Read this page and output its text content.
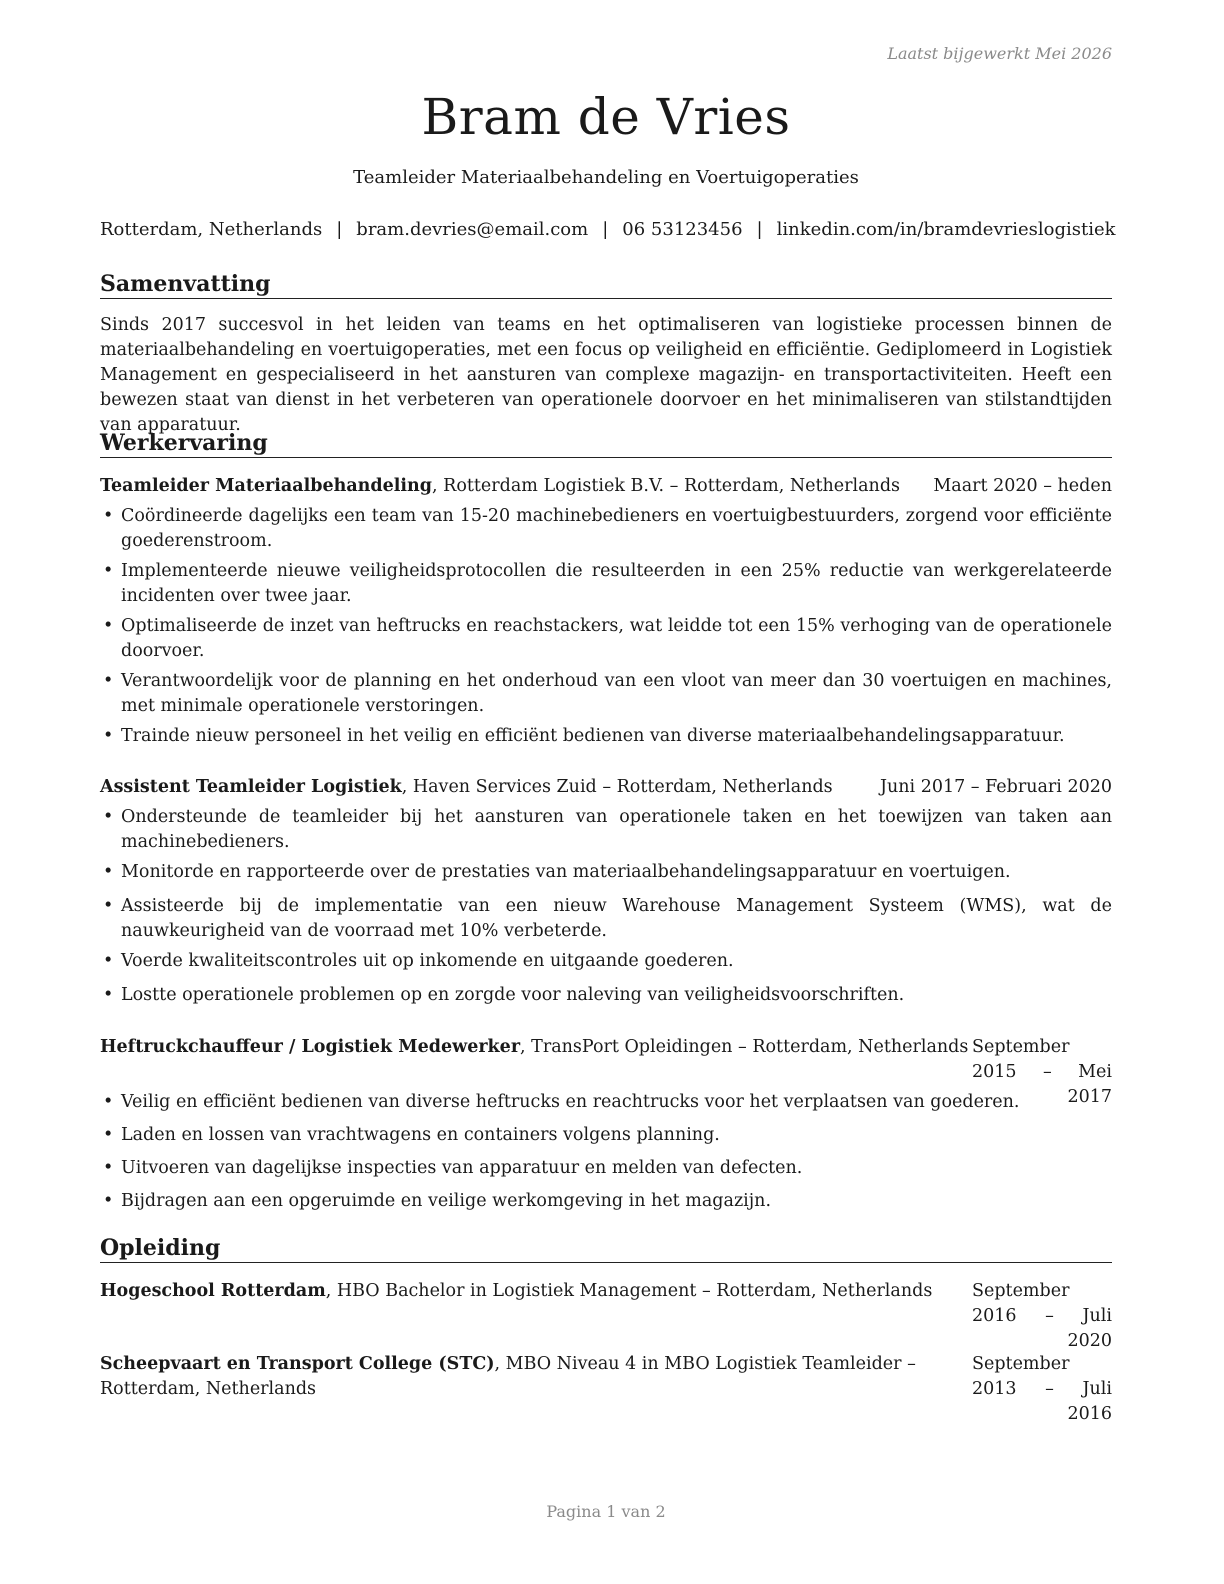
Laatst bijgewerkt Mei 2026
Bram de Vries
Teamleider Materiaalbehandeling en Voertuigoperaties
Rotterdam, Netherlands | bram.devries@email.com | 06 53123456 | linkedin.com/in/bramdevrieslogistiek
Samenvatting
Sinds 2017 succesvol in het leiden van teams en het optimaliseren van logistieke processen binnen de materiaalbehandeling en voertuigoperaties, met een focus op veiligheid en efficiëntie. Gediplomeerd in Logistiek Management en gespecialiseerd in het aansturen van complexe magazijn- en transportactiviteiten. Heeft een bewezen staat van dienst in het verbeteren van operationele doorvoer en het minimaliseren van stilstandtijden van apparatuur.
Werkervaring
Teamleider Materiaalbehandeling, Rotterdam Logistiek B.V. – Rotterdam, Netherlands	Maart 2020 – heden
• Coördineerde dagelijks een team van 15-20 machinebedieners en voertuigbestuurders, zorgend voor efficiënte goederenstroom.
• Implementeerde nieuwe veiligheidsprotocollen die resulteerden in een 25% reductie van werkgerelateerde incidenten over twee jaar.
• Optimaliseerde de inzet van heftrucks en reachstackers, wat leidde tot een 15% verhoging van de operationele doorvoer.
• Verantwoordelijk voor de planning en het onderhoud van een vloot van meer dan 30 voertuigen en machines, met minimale operationele verstoringen.
• Trainde nieuw personeel in het veilig en efficiënt bedienen van diverse materiaalbehandelingsapparatuur.
Assistent Teamleider Logistiek, Haven Services Zuid – Rotterdam, Netherlands	Juni 2017 – Februari 2020
• Ondersteunde de teamleider bij het aansturen van operationele taken en het toewijzen van taken aan machinebedieners.
• Monitorde en rapporteerde over de prestaties van materiaalbehandelingsapparatuur en voertuigen.
• Assisteerde bij de implementatie van een nieuw Warehouse Management Systeem (WMS), wat de nauwkeurigheid van de voorraad met 10% verbeterde.
• Voerde kwaliteitscontroles uit op inkomende en uitgaande goederen.
• Lostte operationele problemen op en zorgde voor naleving van veiligheidsvoorschriften.
Heftruckchauffeur / Logistiek Medewerker, TransPort Opleidingen – Rotterdam, Netherlands September 2015 – Mei 2017
• Veilig en efficiënt bedienen van diverse heftrucks en reachtrucks voor het verplaatsen van goederen.
• Laden en lossen van vrachtwagens en containers volgens planning.
• Uitvoeren van dagelijkse inspecties van apparatuur en melden van defecten.
• Bijdragen aan een opgeruimde en veilige werkomgeving in het magazijn.
Opleiding
Hogeschool Rotterdam, HBO Bachelor in Logistiek Management – Rotterdam, Netherlands	September 2016 – Juli 2020
Scheepvaart en Transport College (STC), MBO Niveau 4 in MBO Logistiek Teamleider – Rotterdam, Netherlands
September 2013 – Juli 2016
Pagina 1 van 2
